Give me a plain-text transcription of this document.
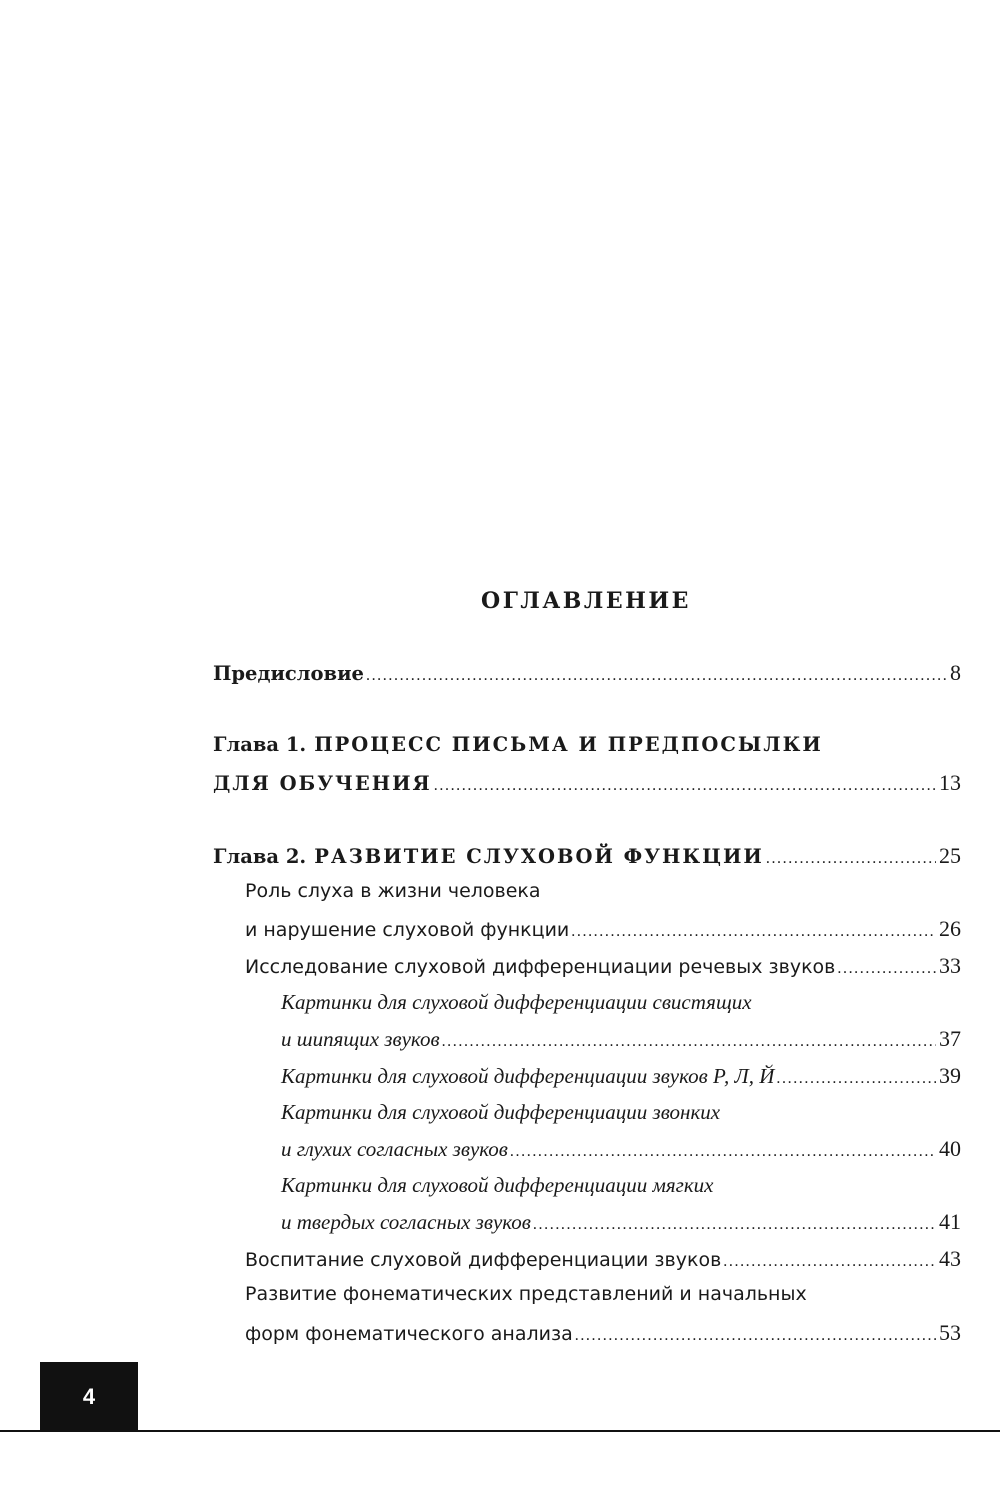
ОГЛАВЛЕНИЕ
Предисловие .....	8
Глава 1. ПРОЦЕСС ПИСЬМА И ПРЕДПОСЫЛКИ
ДЛЯ ОБУЧЕНИЯ .....	13
Глава 2. РАЗВИТИЕ СЛУХОВОЙ ФУНКЦИИ .....	25
Роль слуха в жизни человека
и нарушение слуховой функции .....	26
Исследование слуховой дифференциации речевых звуков .....	33
Картинки для слуховой дифференциации свистящих
и шипящих звуков .....	37
Картинки для слуховой дифференциации звуков Р, Л, Й .....	39
Картинки для слуховой дифференциации звонких
и глухих согласных звуков .....	40
Картинки для слуховой дифференциации мягких
и твердых согласных звуков .....	41
Воспитание слуховой дифференциации звуков .....	43
Развитие фонематических представлений и начальных
форм фонематического анализа .....	53
4
